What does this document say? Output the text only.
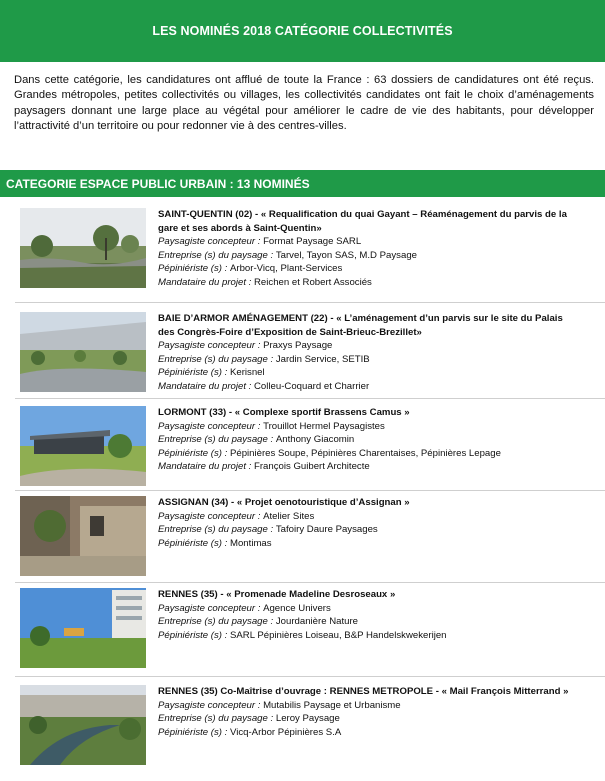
LES NOMINÉS 2018 CATÉGORIE COLLECTIVITÉS
Dans cette catégorie, les candidatures ont afflué de toute la France : 63 dossiers de candidatures ont été reçus. Grandes métropoles, petites collectivités ou villages, les collectivités candidates ont fait le choix d’aménagements paysagers donnant une large place au végétal pour améliorer le cadre de vie des habitants, pour développer l’attractivité d’un territoire ou pour redonner vie à des centres-villes.
CATEGORIE ESPACE PUBLIC URBAIN : 13 NOMINÉS
SAINT-QUENTIN (02) - « Requalification du quai Gayant – Réaménagement du parvis de la
gare et ses abords à Saint-Quentin»
Paysagiste concepteur : Format Paysage SARL
Entreprise (s) du paysage : Tarvel, Tayon SAS, M.D Paysage
Pépiniériste (s) : Arbor-Vicq, Plant-Services
Mandataire du projet : Reichen et Robert Associés
BAIE D’ARMOR AMÉNAGEMENT (22) - « L’aménagement d’un parvis sur le site du Palais
des Congrès-Foire d’Exposition de Saint-Brieuc-Brezillet»
Paysagiste concepteur : Praxys Paysage
Entreprise (s) du paysage : Jardin Service, SETIB
Pépiniériste (s) : Kerisnel
Mandataire du projet : Colleu-Coquard et Charrier
LORMONT (33) - « Complexe sportif Brassens Camus »
Paysagiste concepteur : Trouillot Hermel Paysagistes
Entreprise (s) du paysage : Anthony Giacomin
Pépiniériste (s) : Pépinières Soupe, Pépinières Charentaises, Pépinières Lepage
Mandataire du projet : François Guibert Architecte
ASSIGNAN (34) - « Projet oenotouristique d’Assignan »
Paysagiste concepteur : Atelier Sites
Entreprise (s) du paysage : Tafoiry Daure Paysages
Pépiniériste (s) : Montimas
RENNES (35) - « Promenade Madeline Desroseaux »
Paysagiste concepteur : Agence Univers
Entreprise (s) du paysage : Jourdanière Nature
Pépiniériste (s) : SARL Pépinières Loiseau, B&P Handelskwekerijen
RENNES (35) Co-Maîtrise d’ouvrage : RENNES METROPOLE - « Mail François Mitterrand »
Paysagiste concepteur : Mutabilis Paysage et Urbanisme
Entreprise (s) du paysage : Leroy Paysage
Pépiniériste (s) : Vicq-Arbor Pépinières S.A
